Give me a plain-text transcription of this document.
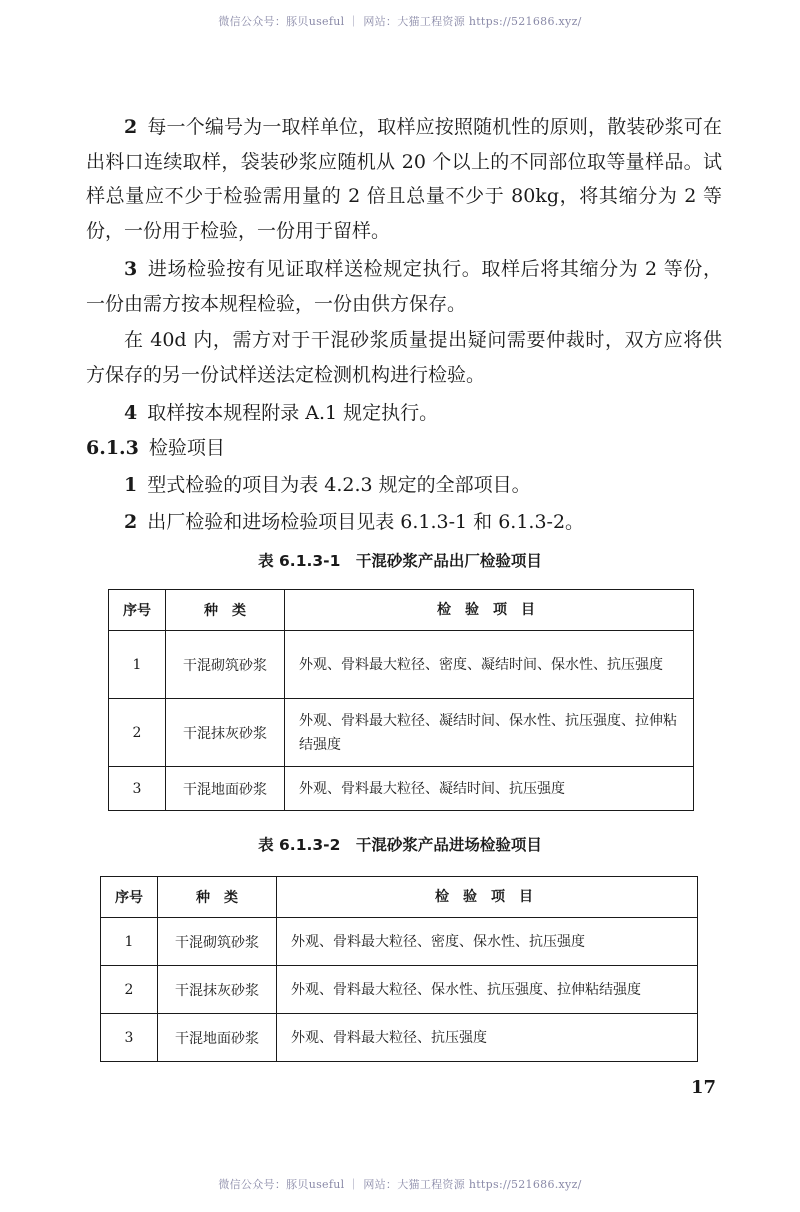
微信公众号：豚贝useful ｜ 网站：大猫工程资源 https://521686.xyz/

2 每一个编号为一取样单位，取样应按照随机性的原则，散装砂浆可在出料口连续取样，袋装砂浆应随机从 20 个以上的不同部位取等量样品。试样总量应不少于检验需用量的 2 倍且总量不少于 80kg，将其缩分为 2 等份，一份用于检验，一份用于留样。

3 进场检验按有见证取样送检规定执行。取样后将其缩分为 2 等份，一份由需方按本规程检验，一份由供方保存。

在 40d 内，需方对于干混砂浆质量提出疑问需要仲裁时，双方应将供方保存的另一份试样送法定检测机构进行检验。

4 取样按本规程附录 A.1 规定执行。
6.1.3 检验项目
1 型式检验的项目为表 4.2.3 规定的全部项目。
2 出厂检验和进场检验项目见表 6.1.3-1 和 6.1.3-2。
表 6.1.3-1　干混砂浆产品出厂检验项目
序号	种　类	检　验　项　目
1	干混砌筑砂浆	外观、骨料最大粒径、密度、凝结时间、保水性、抗压强度
2	干混抹灰砂浆	外观、骨料最大粒径、凝结时间、保水性、抗压强度、拉伸粘结强度
3	干混地面砂浆	外观、骨料最大粒径、凝结时间、抗压强度
表 6.1.3-2　干混砂浆产品进场检验项目
序号	种　类	检　验　项　目
1	干混砌筑砂浆	外观、骨料最大粒径、密度、保水性、抗压强度
2	干混抹灰砂浆	外观、骨料最大粒径、保水性、抗压强度、拉伸粘结强度
3	干混地面砂浆	外观、骨料最大粒径、抗压强度
17
微信公众号：豚贝useful ｜ 网站：大猫工程资源 https://521686.xyz/
